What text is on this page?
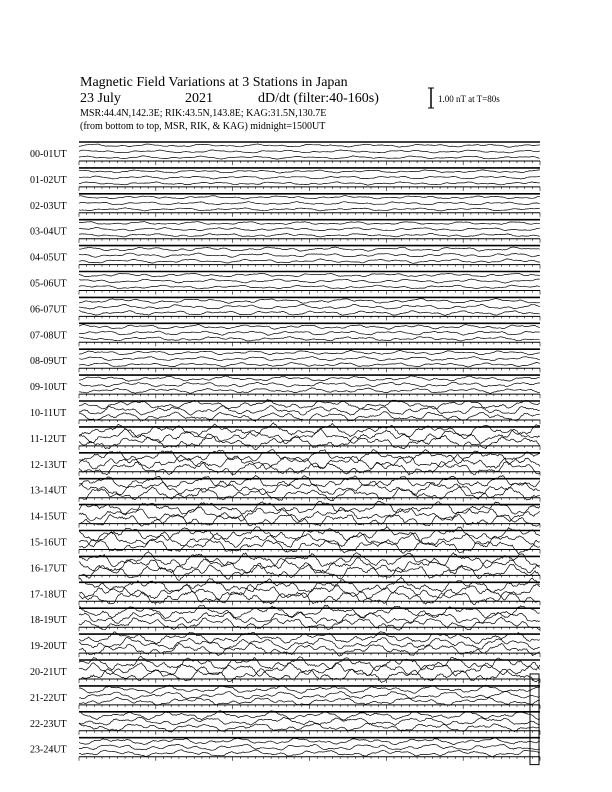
Magnetic Field Variations at 3 Stations in Japan
23 July	2021	dD/dt (filter:40-160s)
MSR:44.4N,142.3E; RIK:43.5N,143.8E; KAG:31.5N,130.7E
(from bottom to top, MSR, RIK, & KAG) midnight=1500UT
1.00 nT at T=80s
00-01UT
01-02UT
02-03UT
03-04UT
04-05UT
05-06UT
06-07UT
07-08UT
08-09UT
09-10UT
10-11UT
11-12UT
12-13UT
13-14UT
14-15UT
15-16UT
16-17UT
17-18UT
18-19UT
19-20UT
20-21UT
21-22UT
22-23UT
23-24UT
